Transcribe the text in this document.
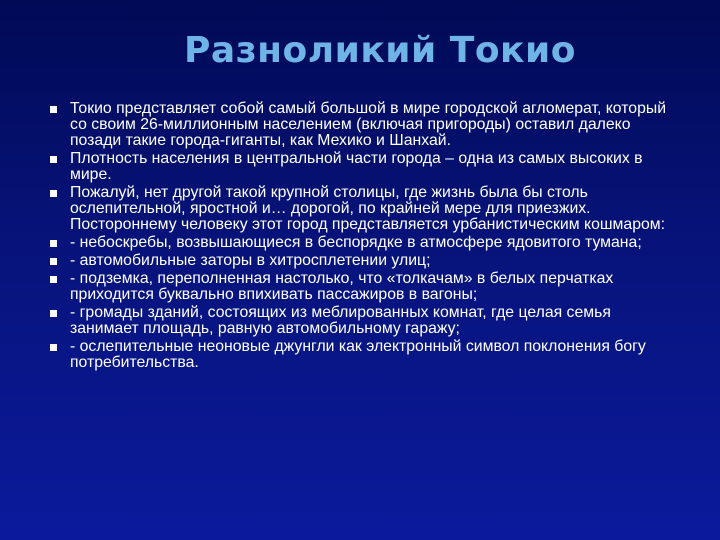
Разноликий Токио
Токио представляет собой самый большой в мире городской агломерат, который со своим 26-миллионным населением (включая пригороды) оставил далеко позади такие города-гиганты, как Мехико и Шанхай.
Плотность населения в центральной части города – одна из самых высоких в мире.
Пожалуй, нет другой такой крупной столицы, где жизнь была бы столь ослепительной, яростной и… дорогой, по крайней мере для приезжих. Постороннему человеку этот город представляется урбанистическим кошмаром:
- небоскребы, возвышающиеся в беспорядке в атмосфере ядовитого тумана;
- автомобильные заторы в хитросплетении улиц;
- подземка, переполненная настолько, что «толкачам» в белых перчатках приходится буквально впихивать пассажиров в вагоны;
- громады зданий, состоящих из меблированных комнат, где целая семья занимает площадь, равную автомобильному гаражу;
- ослепительные неоновые джунгли как электронный символ поклонения богу потребительства.
